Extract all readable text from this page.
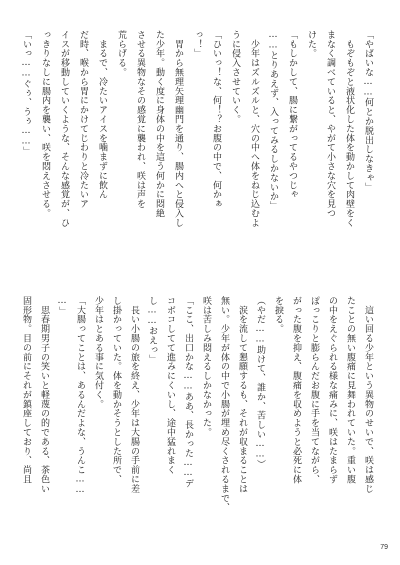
「やばいな……何とか脱出しなきゃ」
　もぞもぞと液状化した体を動かして肉壁をく
まなく調べていると、やがて小さな穴を見つ
けた。
「もしかして、腸に繋がってるやつじゃ
……とりあえず、入ってみるしかないか」
　少年はズルズルと、穴の中へ体をねじ込むよ
うに侵入させていく。
「ひいっ！な、何！？お腹の中で、何かぁ
っ！」
　胃から無理矢理幽門を通り、腸内へと侵入し
た少年。動く度に身体の中を這う何かに悶絶
させる異物なその感覚に襲われ、咲は声を
荒らげる。
　まるで、冷たいアイスを噛まずに飲ん
だ時、喉から胃にかけてじわりと冷たいア
イスが移動していくような、そんな感覚が、ひ
っきりなしに腸内を襲い、咲を悶えさせる。
「いっ……ぐぅ、うぅ……」
　這い回る少年という異物のせいで、咲は感じ
たことの無い腹痛に見舞われていた。重い腹
の中をえぐられる様な痛みに、咲はたまらず
ぽっこりと膨らんだお腹に手を当てながら、
がった腹を抑え、腹痛を収めようと必死に体
を捩る。
（やだ……助けて、誰か、苦しい……）
　涙を流して懇願するも、それが収まることは
無い。少年が体の中で小腸が埋め尽くされるまで、
咲は苦しみ悶えるしかなかった。
「ここ、出口かな……ああ、長かった……デ
コボコしてて進みにくいし、途中猛れまく
し……おえっ」
　長い小腸の旅を終え、少年は大腸の手前に差
し掛かっていた。体を動かそうとした所で、
少年はとある事に気付く。
「大腸ってことは、あるんだよな、うんこ……
…」
　思春期男子の笑いと軽蔑の的である、茶色い
固形物。目の前にそれが鎮座しており、尚且
79
